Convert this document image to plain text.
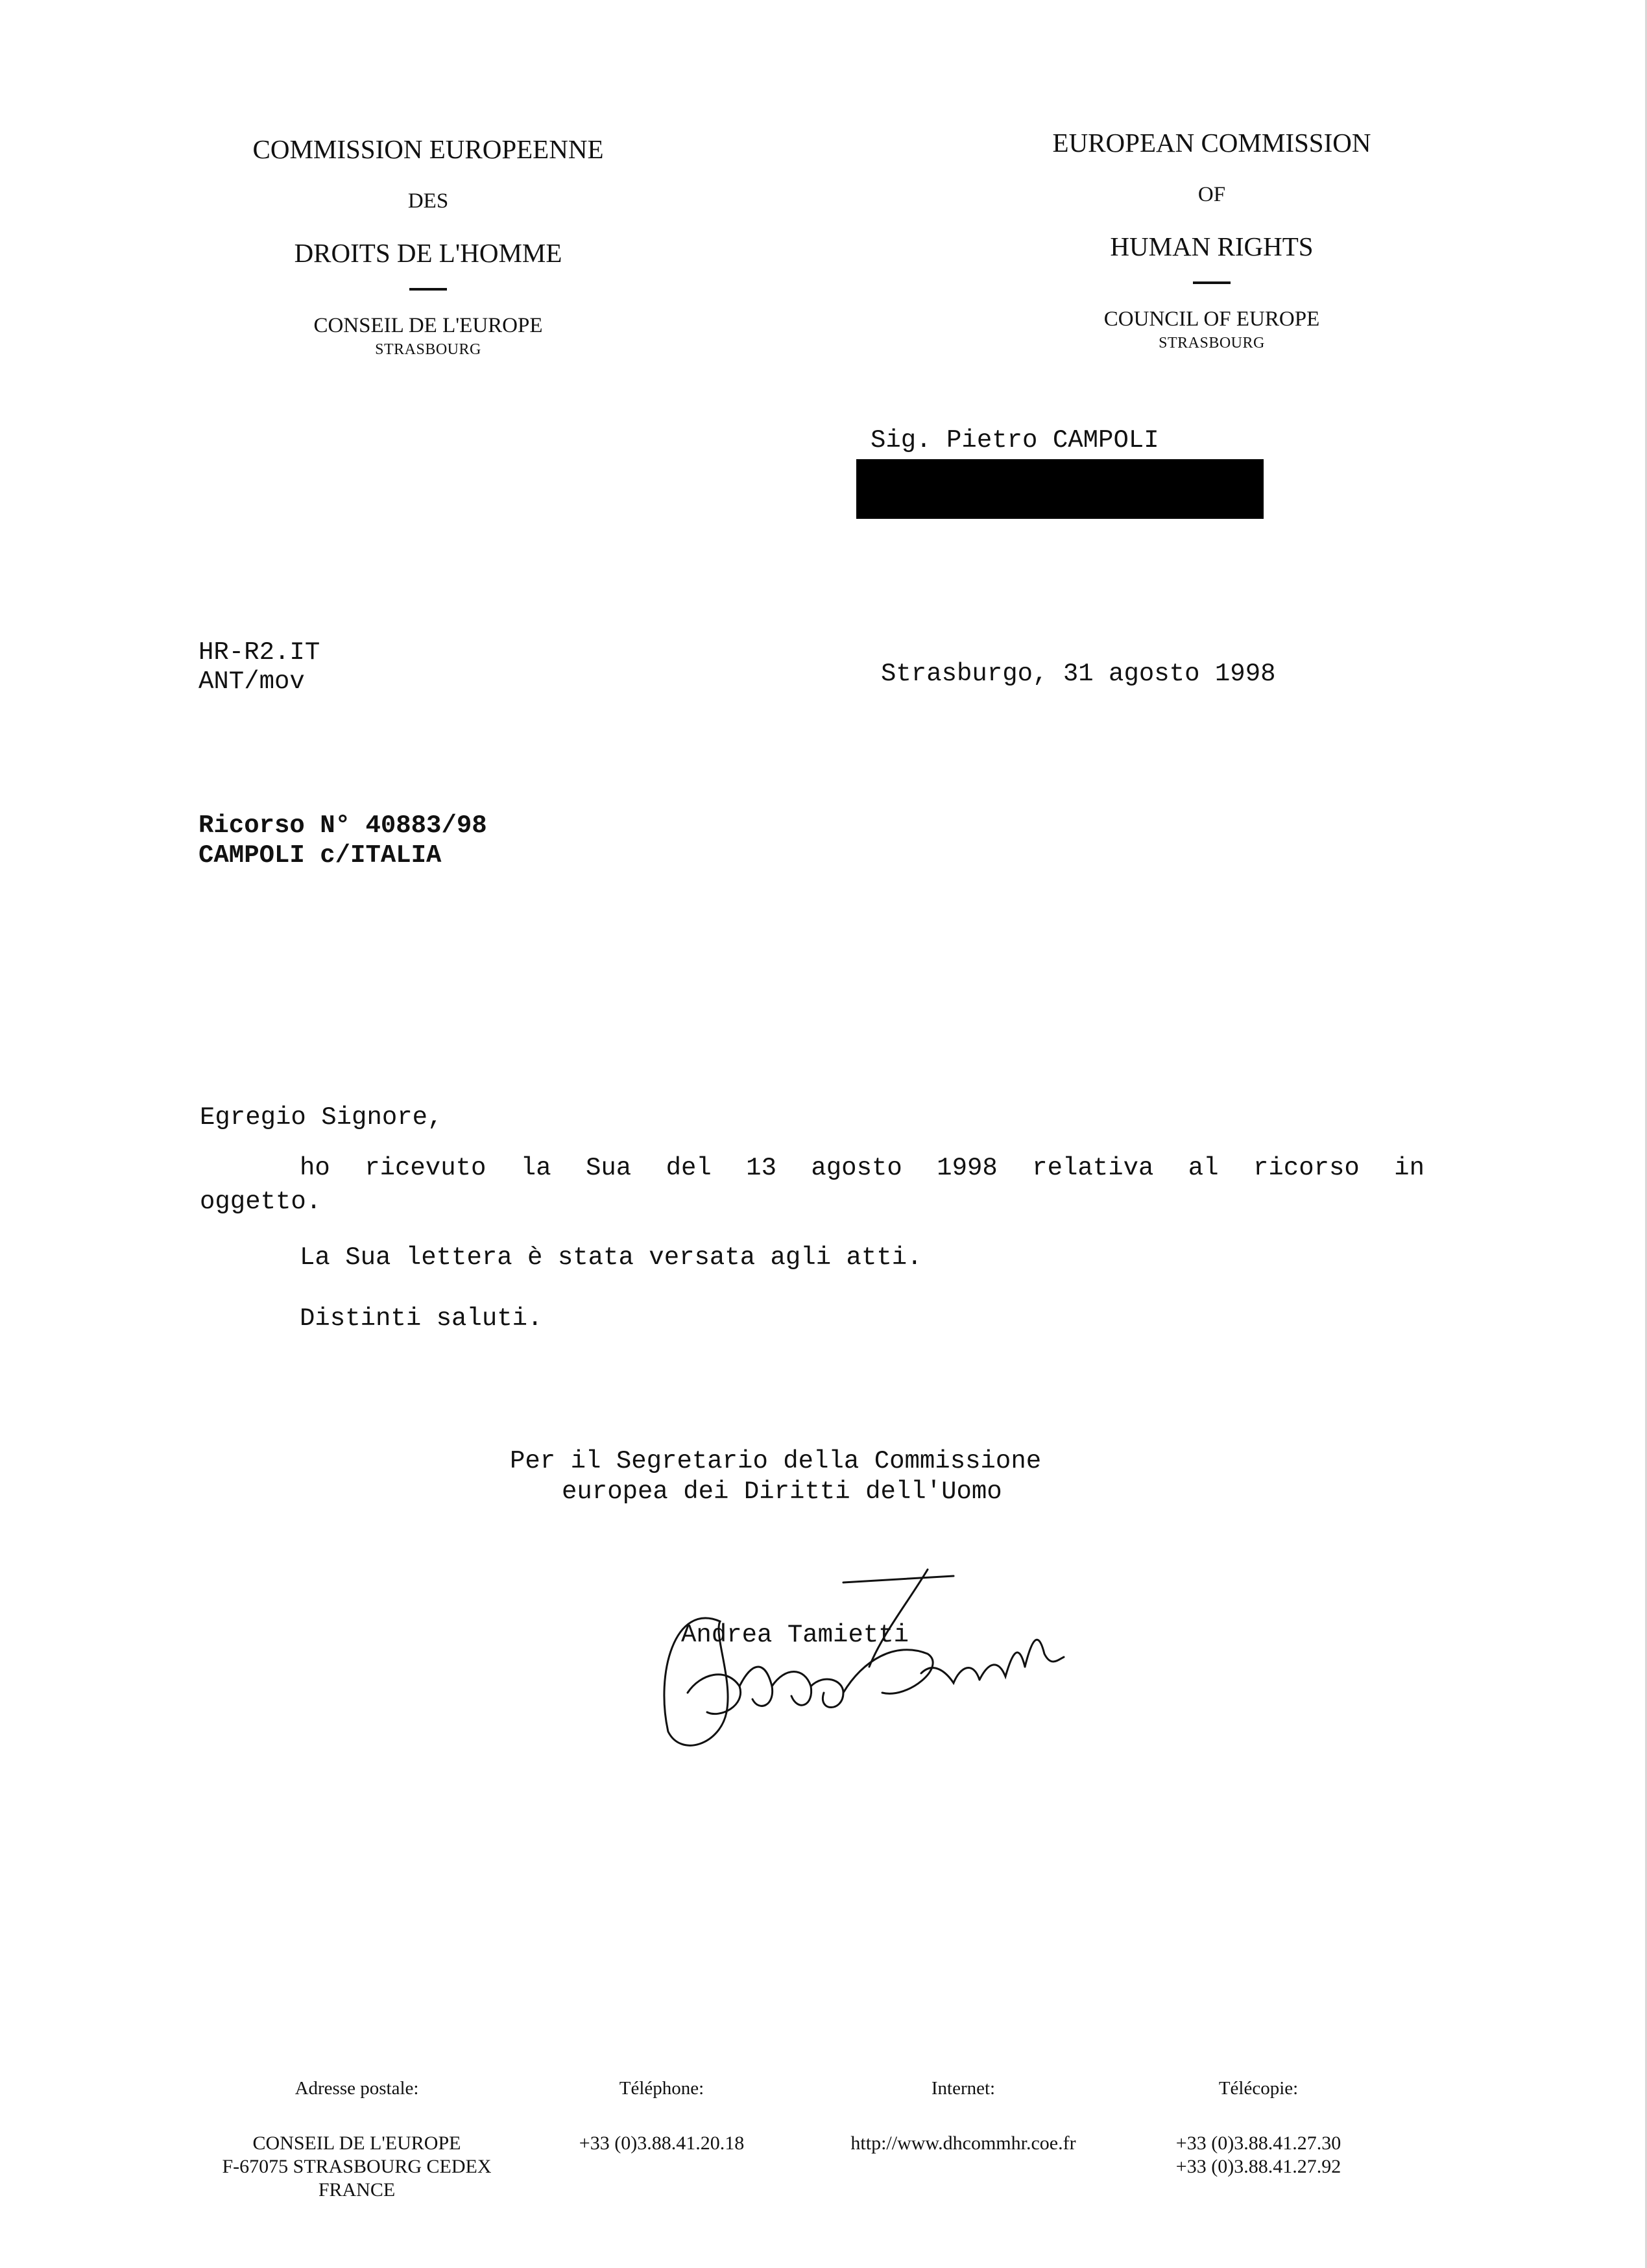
COMMISSION EUROPEENNE
DES
DROITS DE L'HOMME
CONSEIL DE L'EUROPE
STRASBOURG
EUROPEAN COMMISSION
OF
HUMAN RIGHTS
COUNCIL OF EUROPE
STRASBOURG
Sig. Pietro CAMPOLI
HR-R2.IT
ANT/mov	Strasburgo, 31 agosto 1998
Ricorso N° 40883/98
CAMPOLI c/ITALIA
Egregio Signore,
ho ricevuto la Sua del 13 agosto 1998 relativa al ricorso in
oggetto.
La Sua lettera è stata versata agli atti.
Distinti saluti.
Per il Segretario della Commissione
europea dei Diritti dell'Uomo
Andrea Tamietti
Adresse postale:
CONSEIL DE L'EUROPE
F-67075 STRASBOURG CEDEX
FRANCE
Téléphone:
+33 (0)3.88.41.20.18
Internet:
http://www.dhcommhr.coe.fr
Télécopie:
+33 (0)3.88.41.27.30
+33 (0)3.88.41.27.92
